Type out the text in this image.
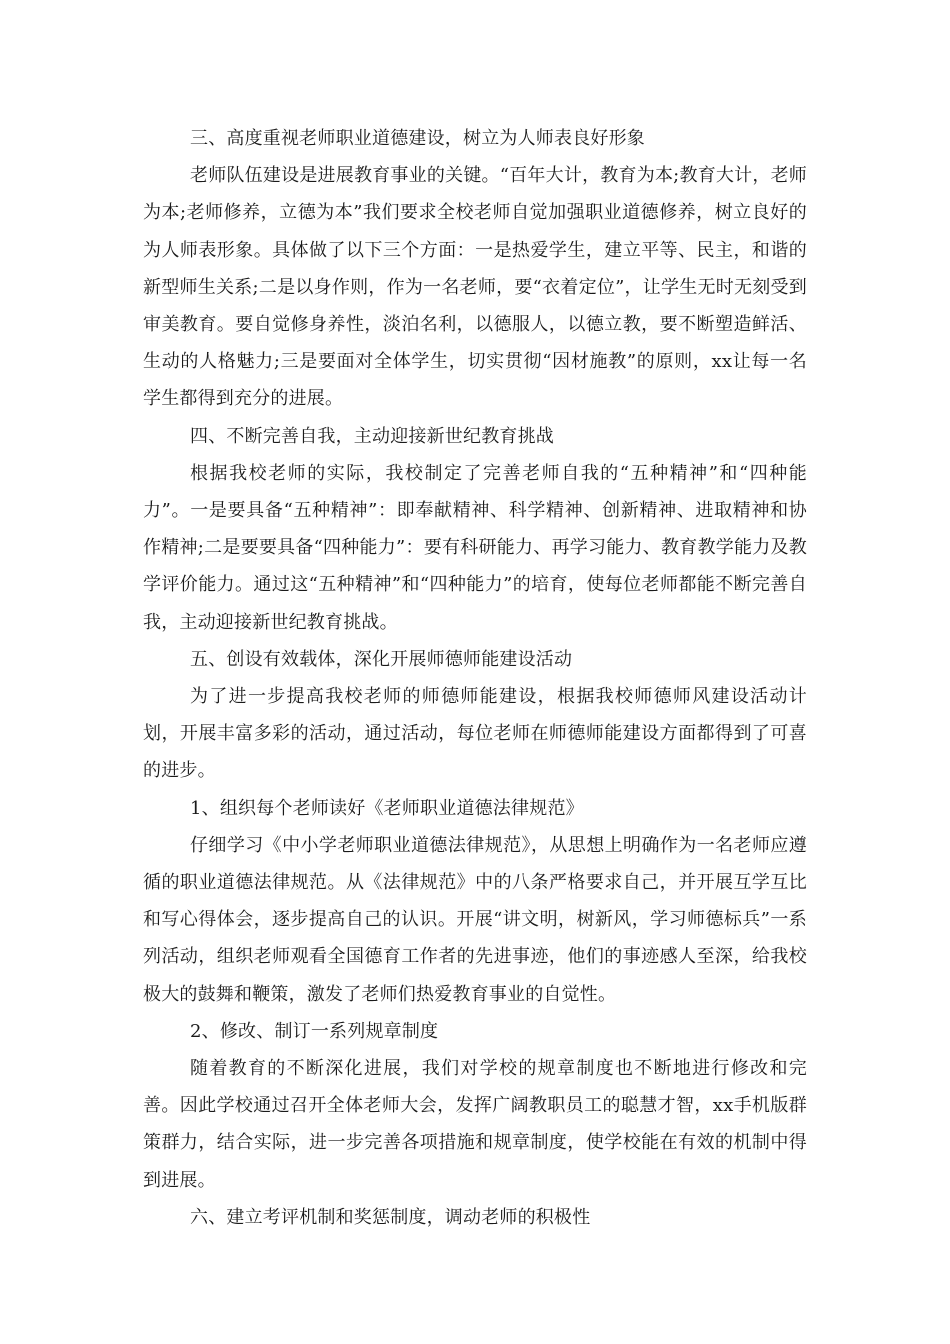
三、高度重视老师职业道德建设，树立为人师表良好形象

老师队伍建设是进展教育事业的关键。“百年大计，教育为本;教育大计，老师为本;老师修养，立德为本”我们要求全校老师自觉加强职业道德修养，树立良好的为人师表形象。具体做了以下三个方面：一是热爱学生，建立平等、民主，和谐的新型师生关系;二是以身作则，作为一名老师，要“衣着定位”，让学生无时无刻受到审美教育。要自觉修身养性，淡泊名利，以德服人，以德立教，要不断塑造鲜活、生动的人格魅力;三是要面对全体学生，切实贯彻“因材施教”的原则，xx让每一名学生都得到充分的进展。

四、不断完善自我，主动迎接新世纪教育挑战

根据我校老师的实际，我校制定了完善老师自我的“五种精神”和“四种能力”。一是要具备“五种精神”：即奉献精神、科学精神、创新精神、进取精神和协作精神;二是要要具备“四种能力”：要有科研能力、再学习能力、教育教学能力及教学评价能力。通过这“五种精神”和“四种能力”的培育，使每位老师都能不断完善自我，主动迎接新世纪教育挑战。

五、创设有效载体，深化开展师德师能建设活动

为了进一步提高我校老师的师德师能建设，根据我校师德师风建设活动计划，开展丰富多彩的活动，通过活动，每位老师在师德师能建设方面都得到了可喜的进步。

1、组织每个老师读好《老师职业道德法律规范》

仔细学习《中小学老师职业道德法律规范》，从思想上明确作为一名老师应遵循的职业道德法律规范。从《法律规范》中的八条严格要求自己，并开展互学互比和写心得体会，逐步提高自己的认识。开展“讲文明，树新风，学习师德标兵”一系列活动，组织老师观看全国德育工作者的先进事迹，他们的事迹感人至深，给我校极大的鼓舞和鞭策，激发了老师们热爱教育事业的自觉性。

2、修改、制订一系列规章制度

随着教育的不断深化进展，我们对学校的规章制度也不断地进行修改和完善。因此学校通过召开全体老师大会，发挥广阔教职员工的聪慧才智，xx手机版群策群力，结合实际，进一步完善各项措施和规章制度，使学校能在有效的机制中得到进展。

六、建立考评机制和奖惩制度，调动老师的积极性
